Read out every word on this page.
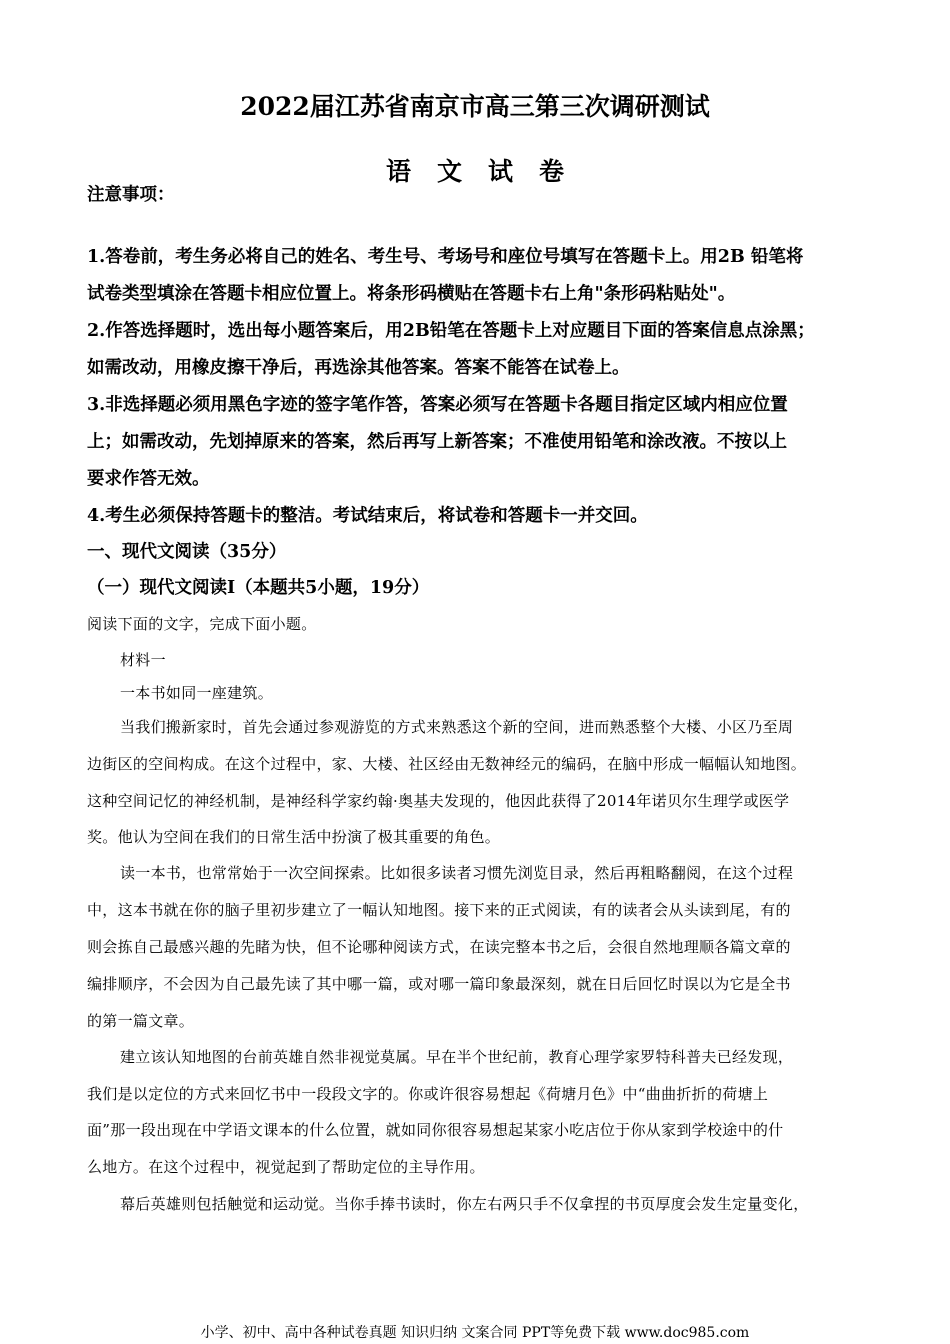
2022届江苏省南京市高三第三次调研测试
语文试卷
注意事项：
1.答卷前，考生务必将自己的姓名、考生号、考场号和座位号填写在答题卡上。用2B 铅笔将
试卷类型填涂在答题卡相应位置上。将条形码横贴在答题卡右上角"条形码粘贴处"。
2.作答选择题时，选出每小题答案后，用2B铅笔在答题卡上对应题目下面的答案信息点涂黑；
如需改动，用橡皮擦干净后，再选涂其他答案。答案不能答在试卷上。
3.非选择题必须用黑色字迹的签字笔作答，答案必须写在答题卡各题目指定区域内相应位置
上；如需改动，先划掉原来的答案，然后再写上新答案；不准使用铅笔和涂改液。不按以上
要求作答无效。
4.考生必须保持答题卡的整洁。考试结束后，将试卷和答题卡一并交回。
一、现代文阅读（35分）
（一）现代文阅读Ⅰ（本题共5小题，19分）
阅读下面的文字，完成下面小题。
材料一
一本书如同一座建筑。
当我们搬新家时，首先会通过参观游览的方式来熟悉这个新的空间，进而熟悉整个大楼、小区乃至周
边街区的空间构成。在这个过程中，家、大楼、社区经由无数神经元的编码，在脑中形成一幅幅认知地图。
这种空间记忆的神经机制，是神经科学家约翰·奥基夫发现的，他因此获得了2014年诺贝尔生理学或医学
奖。他认为空间在我们的日常生活中扮演了极其重要的角色。
读一本书，也常常始于一次空间探索。比如很多读者习惯先浏览目录，然后再粗略翻阅，在这个过程
中，这本书就在你的脑子里初步建立了一幅认知地图。接下来的正式阅读，有的读者会从头读到尾，有的
则会拣自己最感兴趣的先睹为快，但不论哪种阅读方式，在读完整本书之后，会很自然地理顺各篇文章的
编排顺序，不会因为自己最先读了其中哪一篇，或对哪一篇印象最深刻，就在日后回忆时误以为它是全书
的第一篇文章。
建立该认知地图的台前英雄自然非视觉莫属。早在半个世纪前，教育心理学家罗特科普夫已经发现，
我们是以定位的方式来回忆书中一段段文字的。你或许很容易想起《荷塘月色》中“曲曲折折的荷塘上
面”那一段出现在中学语文课本的什么位置，就如同你很容易想起某家小吃店位于你从家到学校途中的什
么地方。在这个过程中，视觉起到了帮助定位的主导作用。
幕后英雄则包括触觉和运动觉。当你手捧书读时，你左右两只手不仅拿捏的书页厚度会发生定量变化，
小学、初中、高中各种试卷真题 知识归纳 文案合同 PPT等免费下载 www.doc985.com
